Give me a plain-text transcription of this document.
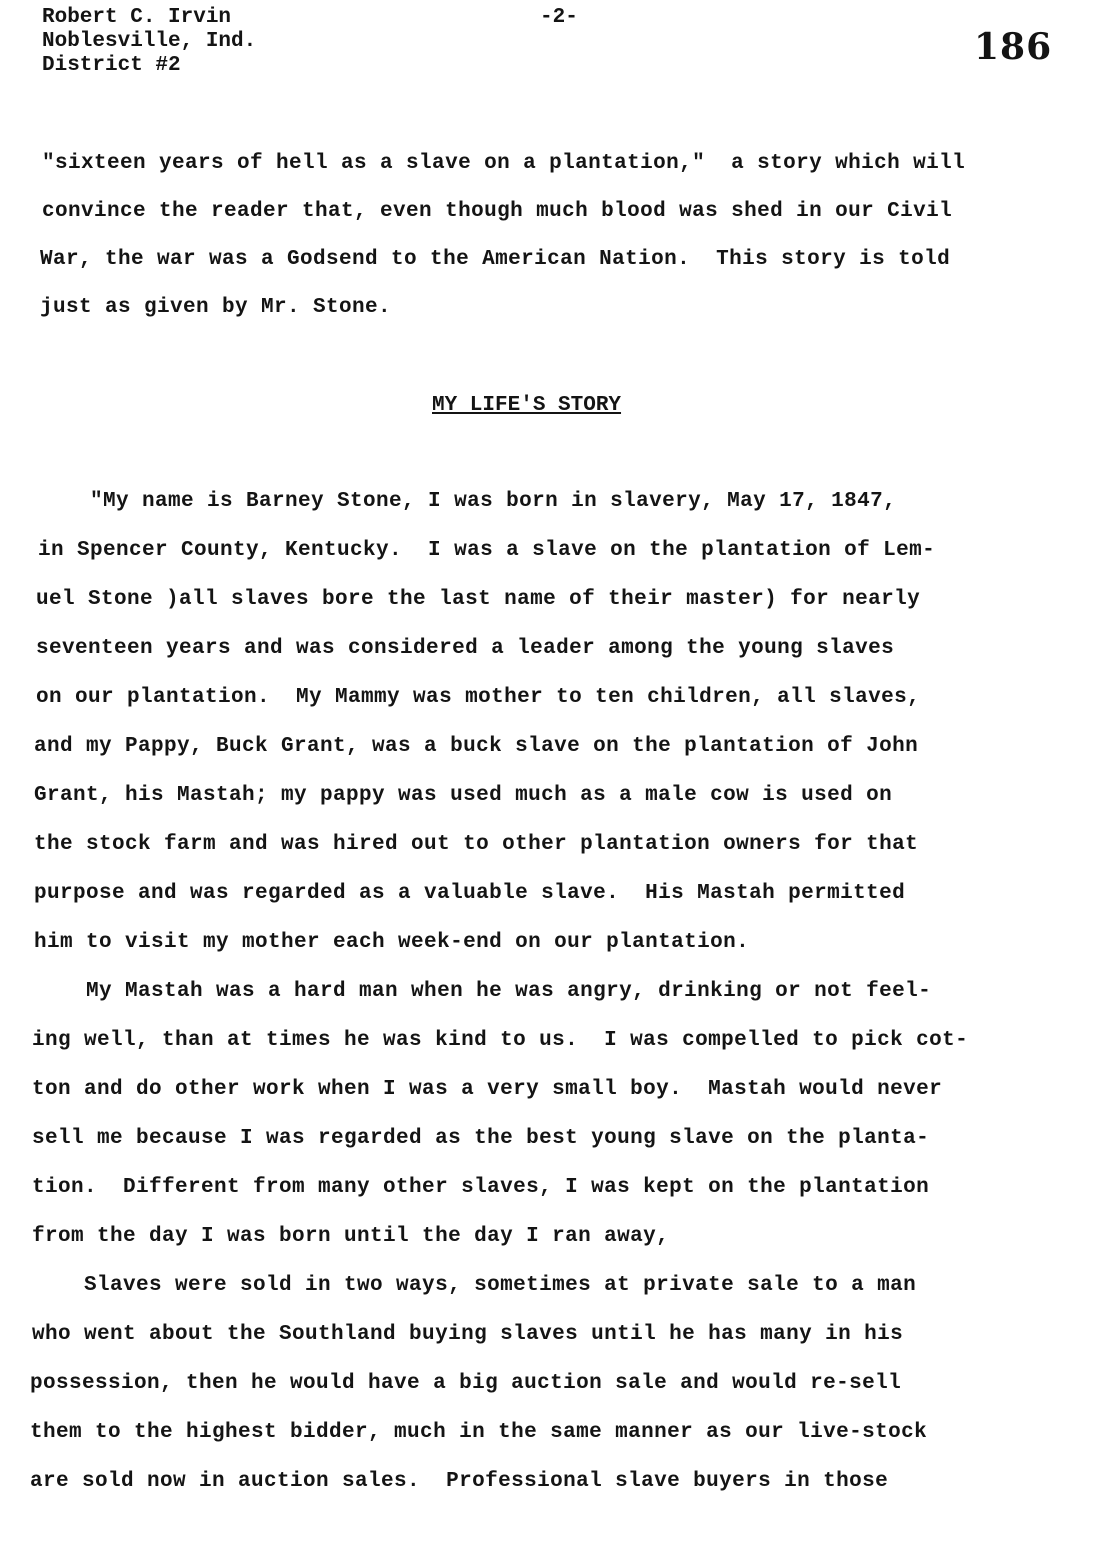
Robert C. Irvin
Noblesville, Ind.
District #2
-2-
186
"sixteen years of hell as a slave on a plantation,"  a story which will
convince the reader that, even though much blood was shed in our Civil
War, the war was a Godsend to the American Nation.  This story is told
just as given by Mr. Stone.
MY LIFE'S STORY
"My name is Barney Stone, I was born in slavery, May 17, 1847,
in Spencer County, Kentucky.  I was a slave on the plantation of Lem-
uel Stone )all slaves bore the last name of their master) for nearly
seventeen years and was considered a leader among the young slaves
on our plantation.  My Mammy was mother to ten children, all slaves,
and my Pappy, Buck Grant, was a buck slave on the plantation of John
Grant, his Mastah; my pappy was used much as a male cow is used on
the stock farm and was hired out to other plantation owners for that
purpose and was regarded as a valuable slave.  His Mastah permitted
him to visit my mother each week-end on our plantation.
My Mastah was a hard man when he was angry, drinking or not feel-
ing well, than at times he was kind to us.  I was compelled to pick cot-
ton and do other work when I was a very small boy.  Mastah would never
sell me because I was regarded as the best young slave on the planta-
tion.  Different from many other slaves, I was kept on the plantation
from the day I was born until the day I ran away,
Slaves were sold in two ways, sometimes at private sale to a man
who went about the Southland buying slaves until he has many in his
possession, then he would have a big auction sale and would re-sell
them to the highest bidder, much in the same manner as our live-stock
are sold now in auction sales.  Professional slave buyers in those
